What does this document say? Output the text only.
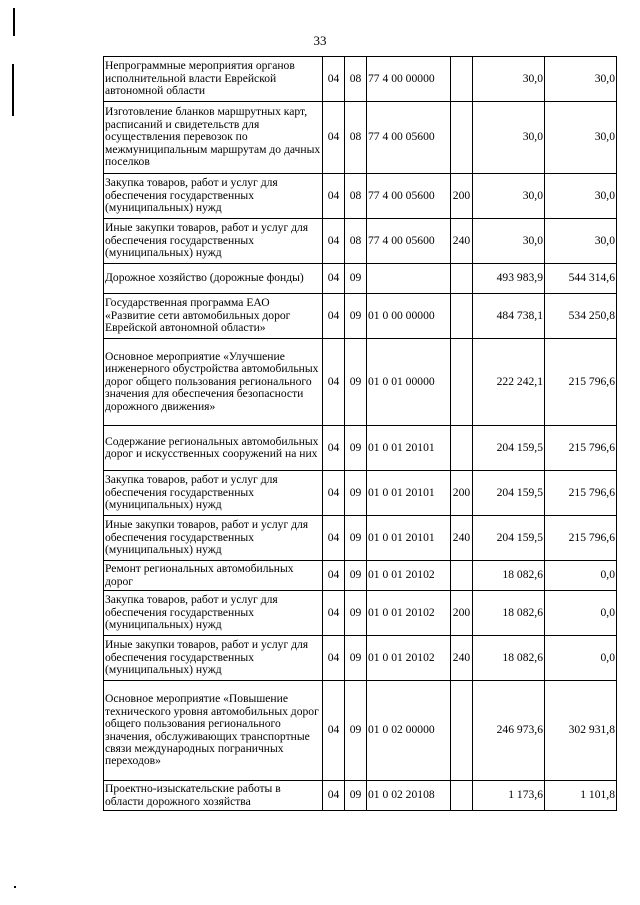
33
Непрограммные мероприятия органов исполнительной власти Еврейской автономной области	04	08	77 4 00 00000		30,0	30,0
Изготовление бланков маршрутных карт, расписаний и свидетельств для осуществления перевозок по межмуниципальным маршрутам до дачных поселков	04	08	77 4 00 05600		30,0	30,0
Закупка товаров, работ и услуг для обеспечения государственных (муниципальных) нужд	04	08	77 4 00 05600	200	30,0	30,0
Иные закупки товаров, работ и услуг для обеспечения государственных (муниципальных) нужд	04	08	77 4 00 05600	240	30,0	30,0
Дорожное хозяйство (дорожные фонды)	04	09			493 983,9	544 314,6
Государственная программа ЕАО «Развитие сети автомобильных дорог Еврейской автономной области»	04	09	01 0 00 00000		484 738,1	534 250,8
Основное мероприятие «Улучшение инженерного обустройства автомобильных дорог общего пользования регионального значения для обеспечения безопасности дорожного движения»	04	09	01 0 01 00000		222 242,1	215 796,6
Содержание региональных автомобильных дорог и искусственных сооружений на них	04	09	01 0 01 20101		204 159,5	215 796,6
Закупка товаров, работ и услуг для обеспечения государственных (муниципальных) нужд	04	09	01 0 01 20101	200	204 159,5	215 796,6
Иные закупки товаров, работ и услуг для обеспечения государственных (муниципальных) нужд	04	09	01 0 01 20101	240	204 159,5	215 796,6
Ремонт региональных автомобильных дорог	04	09	01 0 01 20102		18 082,6	0,0
Закупка товаров, работ и услуг для обеспечения государственных (муниципальных) нужд	04	09	01 0 01 20102	200	18 082,6	0,0
Иные закупки товаров, работ и услуг для обеспечения государственных (муниципальных) нужд	04	09	01 0 01 20102	240	18 082,6	0,0
Основное мероприятие «Повышение технического уровня автомобильных дорог общего пользования регионального значения, обслуживающих транспортные связи международных пограничных переходов»	04	09	01 0 02 00000		246 973,6	302 931,8
Проектно-изыскательские работы в области дорожного хозяйства	04	09	01 0 02 20108		1 173,6	1 101,8
